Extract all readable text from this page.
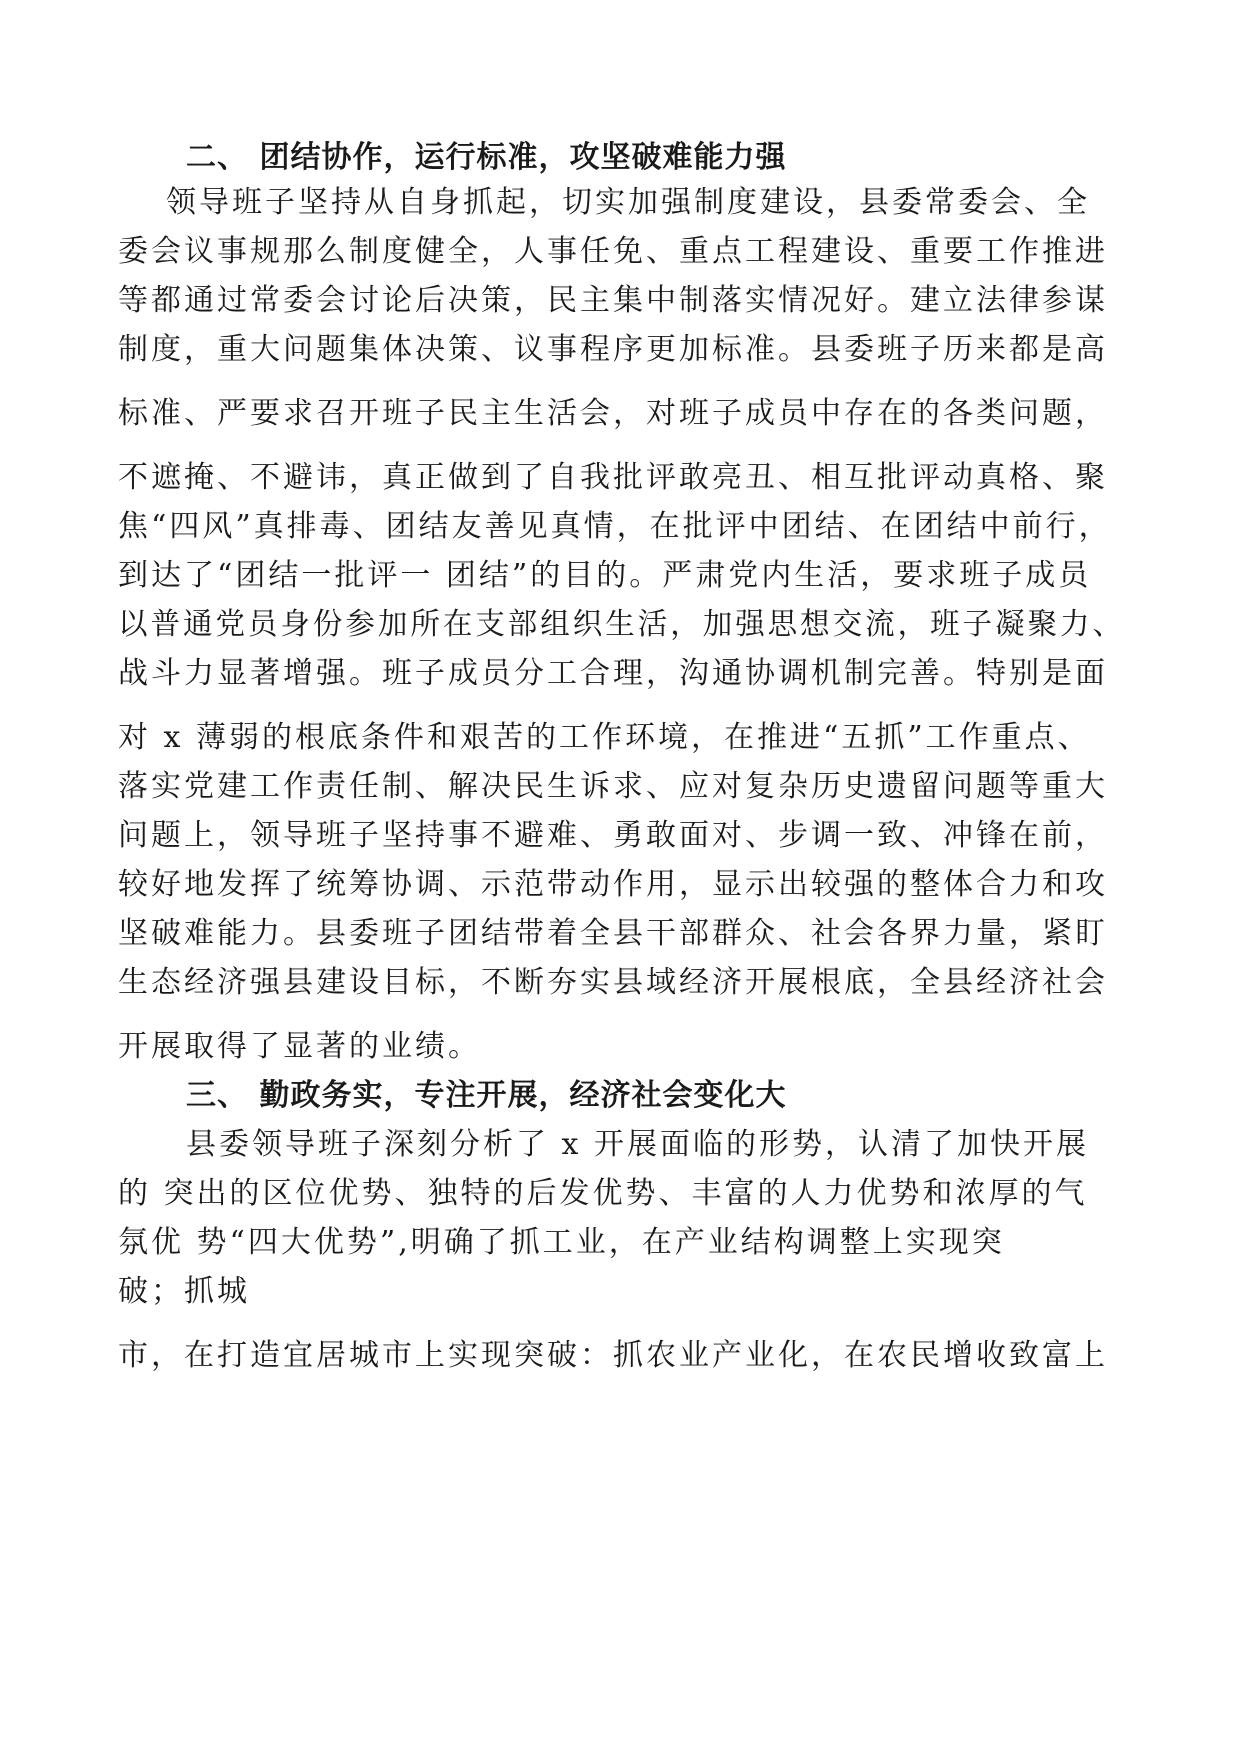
二、 团结协作，运行标准，攻坚破难能力强
领导班子坚持从自身抓起，切实加强制度建设，县委常委会、全
委会议事规那么制度健全，人事任免、重点工程建设、重要工作推进
等都通过常委会讨论后决策，民主集中制落实情况好。建立法律参谋
制度，重大问题集体决策、议事程序更加标准。县委班子历来都是高
标准、严要求召开班子民主生活会，对班子成员中存在的各类问题，
不遮掩、不避讳，真正做到了自我批评敢亮丑、相互批评动真格、聚
焦“四风”真排毒、团结友善见真情，在批评中团结、在团结中前行，
到达了“团结一批评一 团结”的目的。严肃党内生活，要求班子成员
以普通党员身份参加所在支部组织生活，加强思想交流，班子凝聚力、
战斗力显著增强。班子成员分工合理，沟通协调机制完善。特别是面
对 x 薄弱的根底条件和艰苦的工作环境，在推进“五抓”工作重点、
落实党建工作责任制、解决民生诉求、应对复杂历史遗留问题等重大
问题上，领导班子坚持事不避难、勇敢面对、步调一致、冲锋在前，
较好地发挥了统筹协调、示范带动作用，显示出较强的整体合力和攻
坚破难能力。县委班子团结带着全县干部群众、社会各界力量，紧盯
生态经济强县建设目标，不断夯实县域经济开展根底，全县经济社会
开展取得了显著的业绩。
三、 勤政务实，专注开展，经济社会变化大
县委领导班子深刻分析了 x 开展面临的形势，认清了加快开展
的 突出的区位优势、独特的后发优势、丰富的人力优势和浓厚的气
氛优 势“四大优势”,明确了抓工业，在产业结构调整上实现突
破；抓城
市，在打造宜居城市上实现突破：抓农业产业化，在农民增收致富上
